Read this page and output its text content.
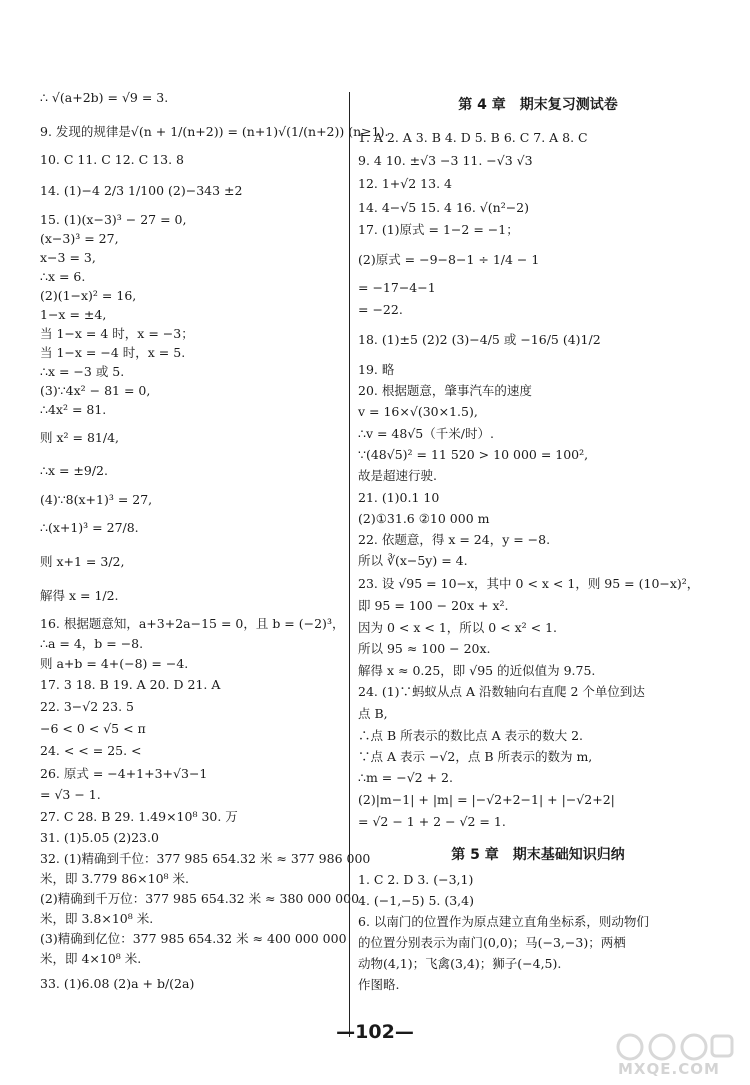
∴ √(a+2b) = √9 = 3.
9. 发现的规律是√(n + 1/(n+2)) = (n+1)√(1/(n+2)) (n≥1).
10. C 11. C 12. C 13. 8
14. (1)−4 2/3 1/100 (2)−343 ±2
15. (1)(x−3)³ − 27 = 0,
(x−3)³ = 27,
x−3 = 3,
∴x = 6.
(2)(1−x)² = 16,
1−x = ±4,
当 1−x = 4 时，x = −3；
当 1−x = −4 时，x = 5.
∴x = −3 或 5.
(3)∵4x² − 81 = 0,
∴4x² = 81.
则 x² = 81/4,
∴x = ±9/2.
(4)∵8(x+1)³ = 27,
∴(x+1)³ = 27/8.
则 x+1 = 3/2,
解得 x = 1/2.
16. 根据题意知，a+3+2a−15 = 0，且 b = (−2)³，
∴a = 4，b = −8.
则 a+b = 4+(−8) = −4.
17. 3 18. B 19. A 20. D 21. A
22. 3−√2 23. 5
−6 < 0 < √5 < π
24. < < = 25. <
26. 原式 = −4+1+3+√3−1
= √3 − 1.
27. C 28. B 29. 1.49×10⁸ 30. 万
31. (1)5.05 (2)23.0
32. (1)精确到千位：377 985 654.32 米 ≈ 377 986 000
米，即 3.779 86×10⁸ 米.
(2)精确到千万位：377 985 654.32 米 ≈ 380 000 000
米，即 3.8×10⁸ 米.
(3)精确到亿位：377 985 654.32 米 ≈ 400 000 000
米，即 4×10⁸ 米.
33. (1)6.08 (2)a + b/(2a)
第 4 章　期末复习测试卷
第 5 章　期末基础知识归纳
1. A 2. A 3. B 4. D 5. B 6. C 7. A 8. C
9. 4 10. ±√3 −3 11. −√3 √3
12. 1+√2 13. 4
14. 4−√5 15. 4 16. √(n²−2)
17. (1)原式 = 1−2 = −1；
(2)原式 = −9−8−1 ÷ 1/4 − 1
= −17−4−1
= −22.
18. (1)±5 (2)2 (3)−4/5 或 −16/5 (4)1/2
19. 略
20. 根据题意，肇事汽车的速度
v = 16×√(30×1.5),
∴v = 48√5（千米/时）.
∵(48√5)² = 11 520 > 10 000 = 100²,
故是超速行驶.
21. (1)0.1 10
(2)①31.6 ②10 000 m
22. 依题意，得 x = 24，y = −8.
所以 ∛(x−5y) = 4.
23. 设 √95 = 10−x，其中 0 < x < 1，则 95 = (10−x)²，
即 95 = 100 − 20x + x².
因为 0 < x < 1，所以 0 < x² < 1.
所以 95 ≈ 100 − 20x.
解得 x ≈ 0.25，即 √95 的近似值为 9.75.
24. (1)∵蚂蚁从点 A 沿数轴向右直爬 2 个单位到达
点 B,
∴点 B 所表示的数比点 A 表示的数大 2.
∵点 A 表示 −√2，点 B 所表示的数为 m,
∴m = −√2 + 2.
(2)|m−1| + |m| = |−√2+2−1| + |−√2+2|
= √2 − 1 + 2 − √2 = 1.
1. C 2. D 3. (−3,1)
4. (−1,−5) 5. (3,4)
6. 以南门的位置作为原点建立直角坐标系，则动物们
的位置分别表示为南门(0,0)；马(−3,−3)；两栖
动物(4,1)；飞禽(3,4)；狮子(−4,5).
作图略.
—102—
MXQE.COM
